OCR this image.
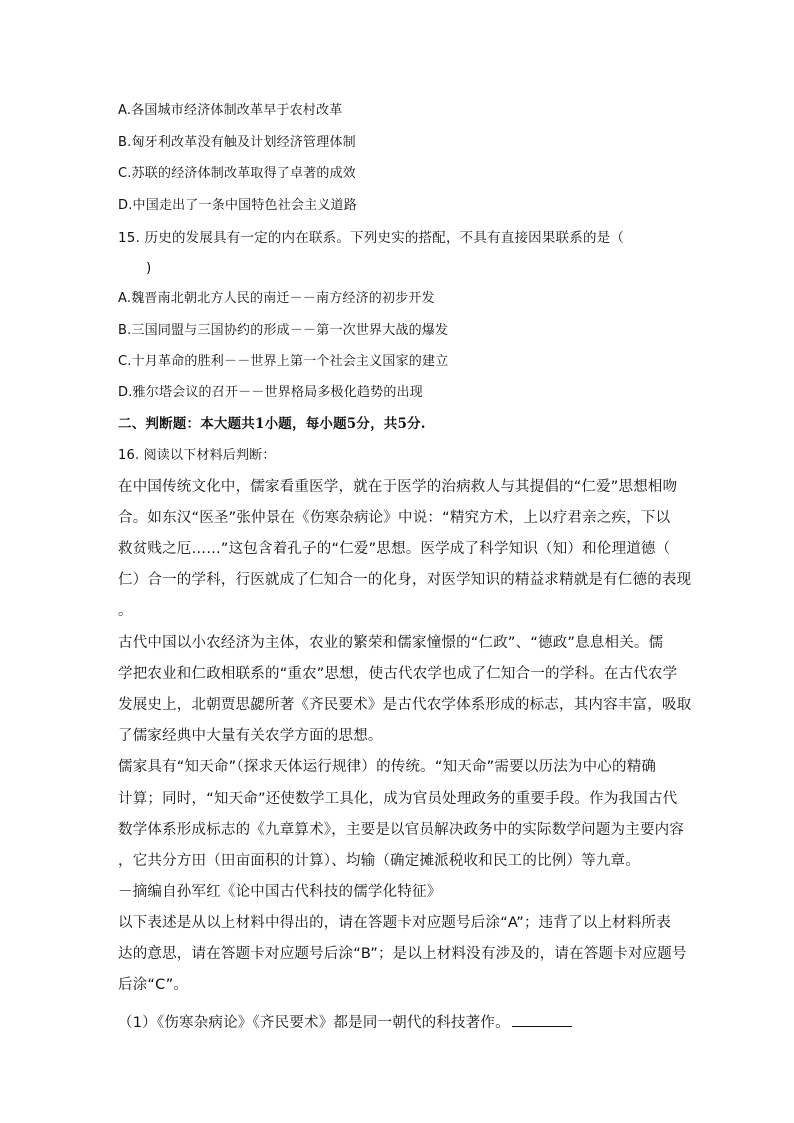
A.各国城市经济体制改革早于农村改革
B.匈牙利改革没有触及计划经济管理体制
C.苏联的经济体制改革取得了卓著的成效
D.中国走出了一条中国特色社会主义道路
15. 历史的发展具有一定的内在联系。下列史实的搭配，不具有直接因果联系的是（
)
A.魏晋南北朝北方人民的南迁－－南方经济的初步开发
B.三国同盟与三国协约的形成－－第一次世界大战的爆发
C.十月革命的胜利－－世界上第一个社会主义国家的建立
D.雅尔塔会议的召开－－世界格局多极化趋势的出现
二、判断题：本大题共1小题，每小题5分，共5分.
16. 阅读以下材料后判断：
在中国传统文化中，儒家看重医学，就在于医学的治病救人与其提倡的“仁爱”思想相吻
合。如东汉“医圣”张仲景在《伤寒杂病论》中说：“精究方术，上以疗君亲之疾，下以
救贫贱之厄……”这包含着孔子的“仁爱”思想。医学成了科学知识（知）和伦理道德（
仁）合一的学科，行医就成了仁知合一的化身，对医学知识的精益求精就是有仁德的表现
。
古代中国以小农经济为主体，农业的繁荣和儒家憧憬的“仁政”、“德政”息息相关。儒
学把农业和仁政相联系的“重农”思想，使古代农学也成了仁知合一的学科。在古代农学
发展史上，北朝贾思勰所著《齐民要术》是古代农学体系形成的标志，其内容丰富，吸取
了儒家经典中大量有关农学方面的思想。
儒家具有“知天命”（探求天体运行规律）的传统。“知天命”需要以历法为中心的精确
计算；同时，“知天命”还使数学工具化，成为官员处理政务的重要手段。作为我国古代
数学体系形成标志的《九章算术》，主要是以官员解决政务中的实际数学问题为主要内容
，它共分方田（田亩面积的计算）、均输（确定摊派税收和民工的比例）等九章。
－摘编自孙军红《论中国古代科技的儒学化特征》
以下表述是从以上材料中得出的，请在答题卡对应题号后涂“A”；违背了以上材料所表
达的意思，请在答题卡对应题号后涂“B”；是以上材料没有涉及的，请在答题卡对应题号
后涂“C”。
（1）《伤寒杂病论》《齐民要术》都是同一朝代的科技著作。
